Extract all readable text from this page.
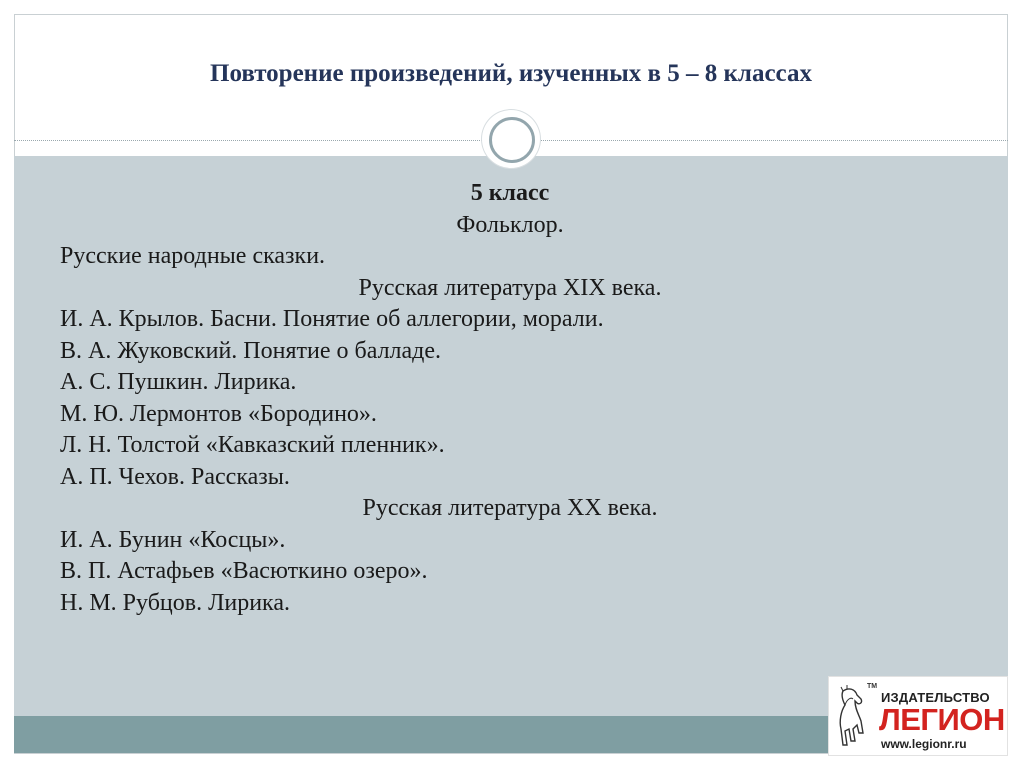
Повторение произведений, изученных в 5 – 8 классах
5 класс
Фольклор.
Русские народные сказки.
Русская литература XIX века.
И. А. Крылов. Басни. Понятие об аллегории, морали.
В. А. Жуковский. Понятие о балладе.
А. С. Пушкин. Лирика.
М. Ю. Лермонтов «Бородино».
Л. Н. Толстой «Кавказский пленник».
А. П. Чехов. Рассказы.
Русская литература XX века.
И. А. Бунин «Косцы».
В. П. Астафьев «Васюткино озеро».
Н. М. Рубцов. Лирика.
TM
ИЗДАТЕЛЬСТВО
ЛЕГИОН
www.legionr.ru
